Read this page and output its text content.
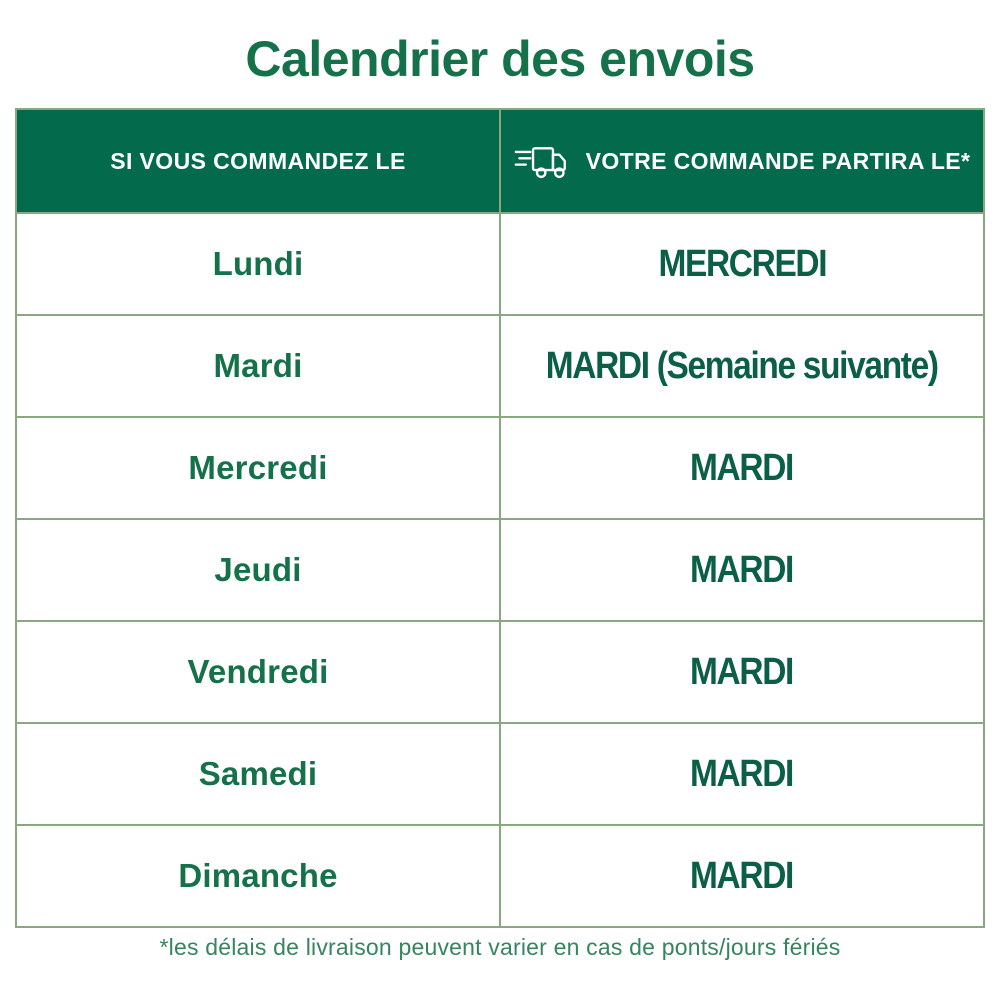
Calendrier des envois
SI VOUS COMMANDEZ LE	VOTRE COMMANDE PARTIRA LE*
Lundi	MERCREDI
Mardi	MARDI (Semaine suivante)
Mercredi	MARDI
Jeudi	MARDI
Vendredi	MARDI
Samedi	MARDI
Dimanche	MARDI
*les délais de livraison peuvent varier en cas de ponts/jours fériés
